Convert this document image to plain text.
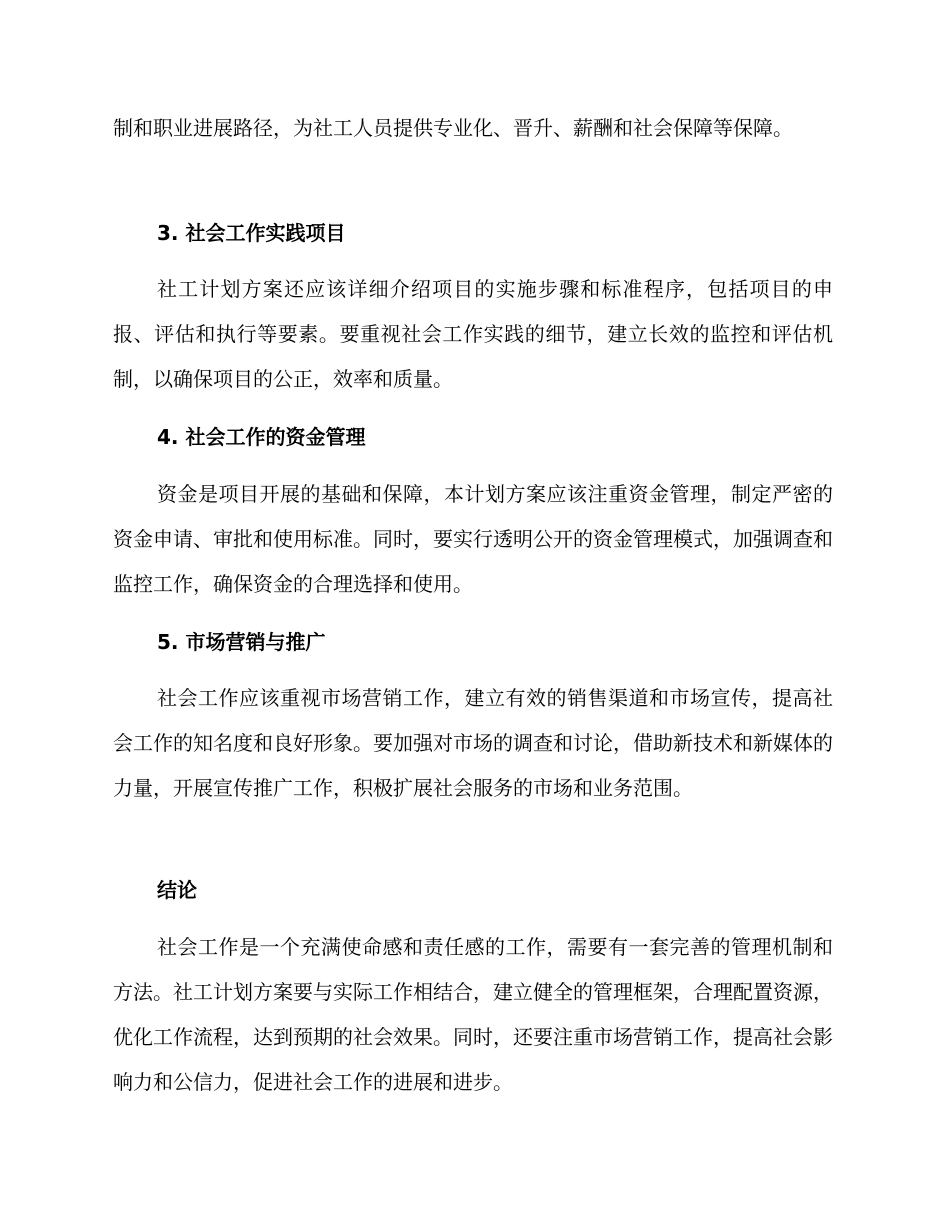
制和职业进展路径，为社工人员提供专业化、晋升、薪酬和社会保障等保障。

3. 社会工作实践项目

社工计划方案还应该详细介绍项目的实施步骤和标准程序，包括项目的申报、评估和执行等要素。要重视社会工作实践的细节，建立长效的监控和评估机制，以确保项目的公正，效率和质量。

4. 社会工作的资金管理

资金是项目开展的基础和保障，本计划方案应该注重资金管理，制定严密的资金申请、审批和使用标准。同时，要实行透明公开的资金管理模式，加强调查和监控工作，确保资金的合理选择和使用。

5. 市场营销与推广

社会工作应该重视市场营销工作，建立有效的销售渠道和市场宣传，提高社会工作的知名度和良好形象。要加强对市场的调查和讨论，借助新技术和新媒体的力量，开展宣传推广工作，积极扩展社会服务的市场和业务范围。

结论

社会工作是一个充满使命感和责任感的工作，需要有一套完善的管理机制和方法。社工计划方案要与实际工作相结合，建立健全的管理框架，合理配置资源，优化工作流程，达到预期的社会效果。同时，还要注重市场营销工作，提高社会影响力和公信力，促进社会工作的进展和进步。
